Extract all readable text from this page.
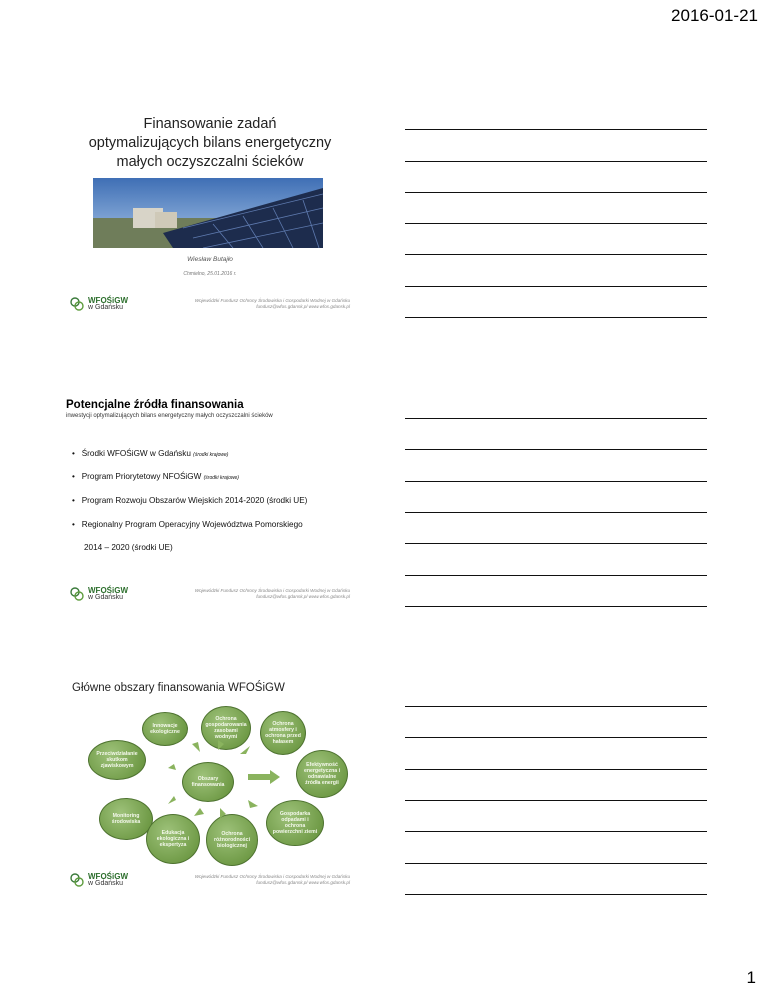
2016-01-21
Finansowanie zadań
optymalizujących bilans energetyczny
małych oczyszczalni ścieków
Wiesław Butajło
Chmielno, 25.01.2016 r.
WFOŚiGW
w Gdańsku
Wojewódzki Fundusz Ochrony Środowiska i Gospodarki Wodnej w Gdańsku
fundusz@wfos.gdansk.pl www.wfos.gdansk.pl
Potencjalne źródła finansowania
inwestycji optymalizujących bilans energetyczny małych oczyszczalni ścieków
•   Środki WFOŚiGW w Gdańsku (środki krajowe)
•   Program Priorytetowy NFOŚiGW (środki krajowe)
•   Program Rozwoju Obszarów Wiejskich 2014-2020 (środki UE)
•   Regionalny Program Operacyjny Województwa Pomorskiego
2014 – 2020 (środki UE)
WFOŚiGW
w Gdańsku
Wojewódzki Fundusz Ochrony Środowiska i Gospodarki Wodnej w Gdańsku
fundusz@wfos.gdansk.pl www.wfos.gdansk.pl
Główne obszary finansowania WFOŚiGW
Innowacje ekologiczne
Ochrona gospodarowania zasobami wodnymi
Ochrona atmosfery i ochrona przed hałasem
Przeciwdziałanie skutkom zjawiskowym
Obszary finansowania
Efektywność energetyczna i odnawialne źródła energii
Monitoring środowiska
Gospodarka odpadami i ochrona powierzchni ziemi
Edukacja ekologiczna i ekspertyza
Ochrona różnorodności biologicznej
WFOŚiGW
w Gdańsku
Wojewódzki Fundusz Ochrony Środowiska i Gospodarki Wodnej w Gdańsku
fundusz@wfos.gdansk.pl www.wfos.gdansk.pl
1
